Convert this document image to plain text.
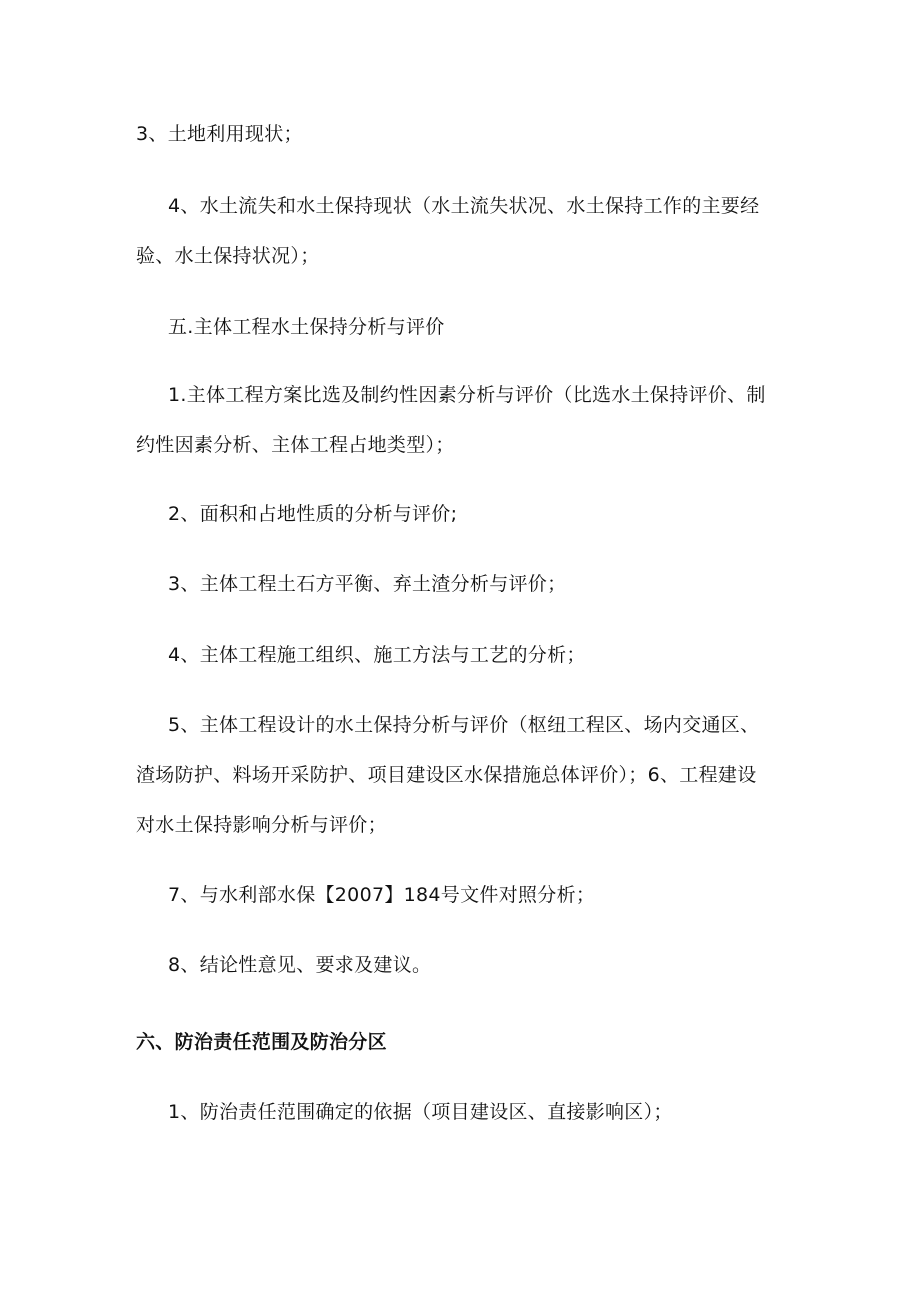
3、土地利用现状；
4、水土流失和水土保持现状（水土流失状况、水土保持工作的主要经
验、水土保持状况）；
五.主体工程水土保持分析与评价
1.主体工程方案比选及制约性因素分析与评价（比选水土保持评价、制
约性因素分析、主体工程占地类型）；
2、面积和占地性质的分析与评价;
3、主体工程土石方平衡、弃土渣分析与评价；
4、主体工程施工组织、施工方法与工艺的分析；
5、主体工程设计的水土保持分析与评价（枢纽工程区、场内交通区、
渣场防护、料场开采防护、项目建设区水保措施总体评价）；6、工程建设
对水土保持影响分析与评价；
7、与水利部水保【2007】184号文件对照分析；
8、结论性意见、要求及建议。
六、防治责任范围及防治分区
1、防治责任范围确定的依据（项目建设区、直接影响区）；
